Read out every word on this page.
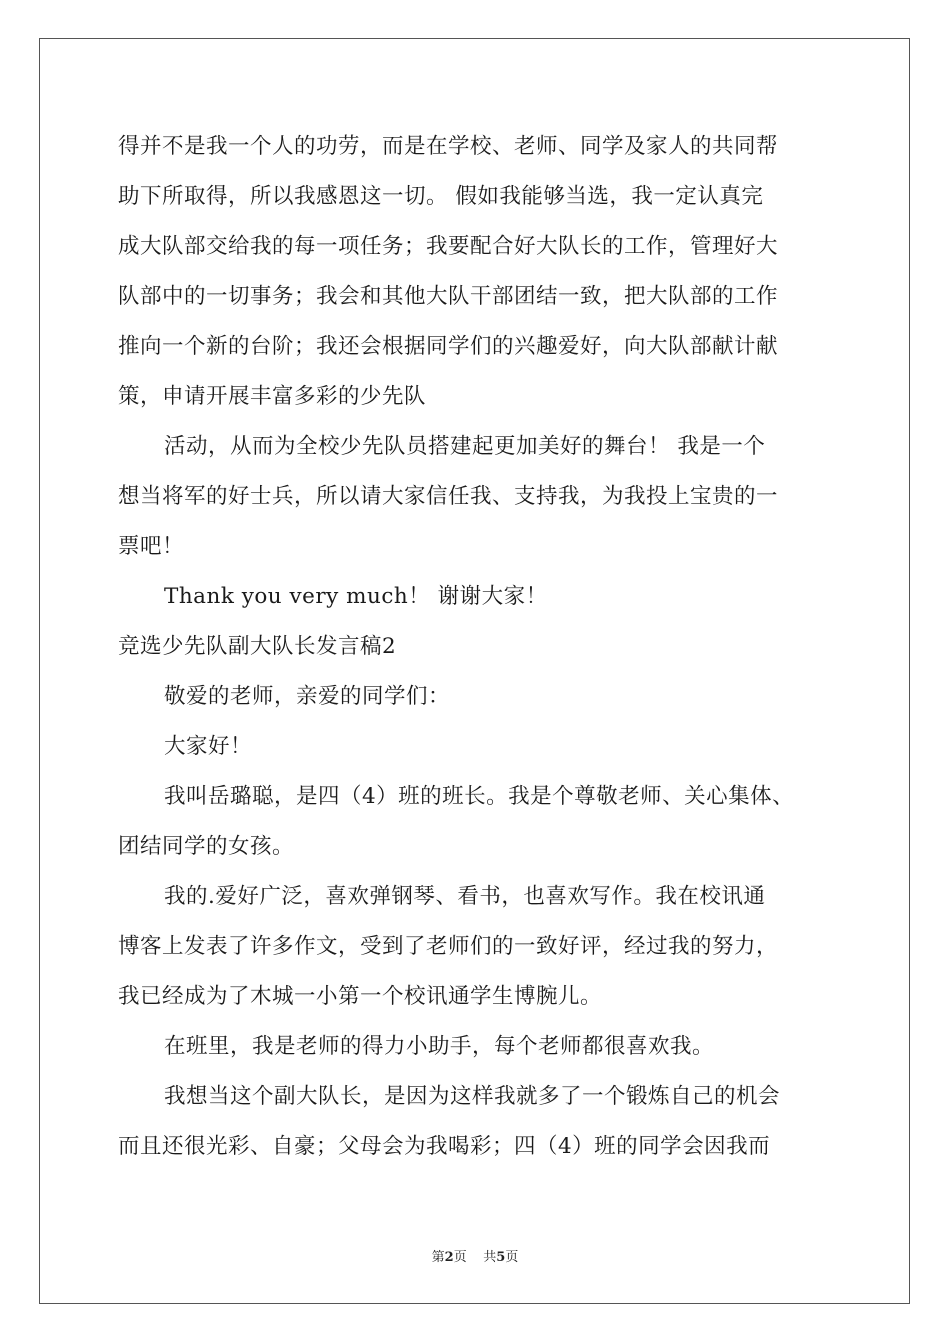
得并不是我一个人的功劳，而是在学校、老师、同学及家人的共同帮
助下所取得，所以我感恩这一切。 假如我能够当选，我一定认真完
成大队部交给我的每一项任务；我要配合好大队长的工作，管理好大
队部中的一切事务；我会和其他大队干部团结一致，把大队部的工作
推向一个新的台阶；我还会根据同学们的兴趣爱好，向大队部献计献
策，申请开展丰富多彩的少先队
活动，从而为全校少先队员搭建起更加美好的舞台！ 我是一个
想当将军的好士兵，所以请大家信任我、支持我，为我投上宝贵的一
票吧！
Thank you very much！ 谢谢大家！
竞选少先队副大队长发言稿2
敬爱的老师，亲爱的同学们：
大家好！
我叫岳璐聪，是四（4）班的班长。我是个尊敬老师、关心集体、
团结同学的女孩。
我的.爱好广泛，喜欢弹钢琴、看书，也喜欢写作。我在校讯通
博客上发表了许多作文，受到了老师们的一致好评，经过我的努力，
我已经成为了木城一小第一个校讯通学生博腕儿。
在班里，我是老师的得力小助手，每个老师都很喜欢我。
我想当这个副大队长，是因为这样我就多了一个锻炼自己的机会
而且还很光彩、自豪；父母会为我喝彩；四（4）班的同学会因我而
第2页 共5页
